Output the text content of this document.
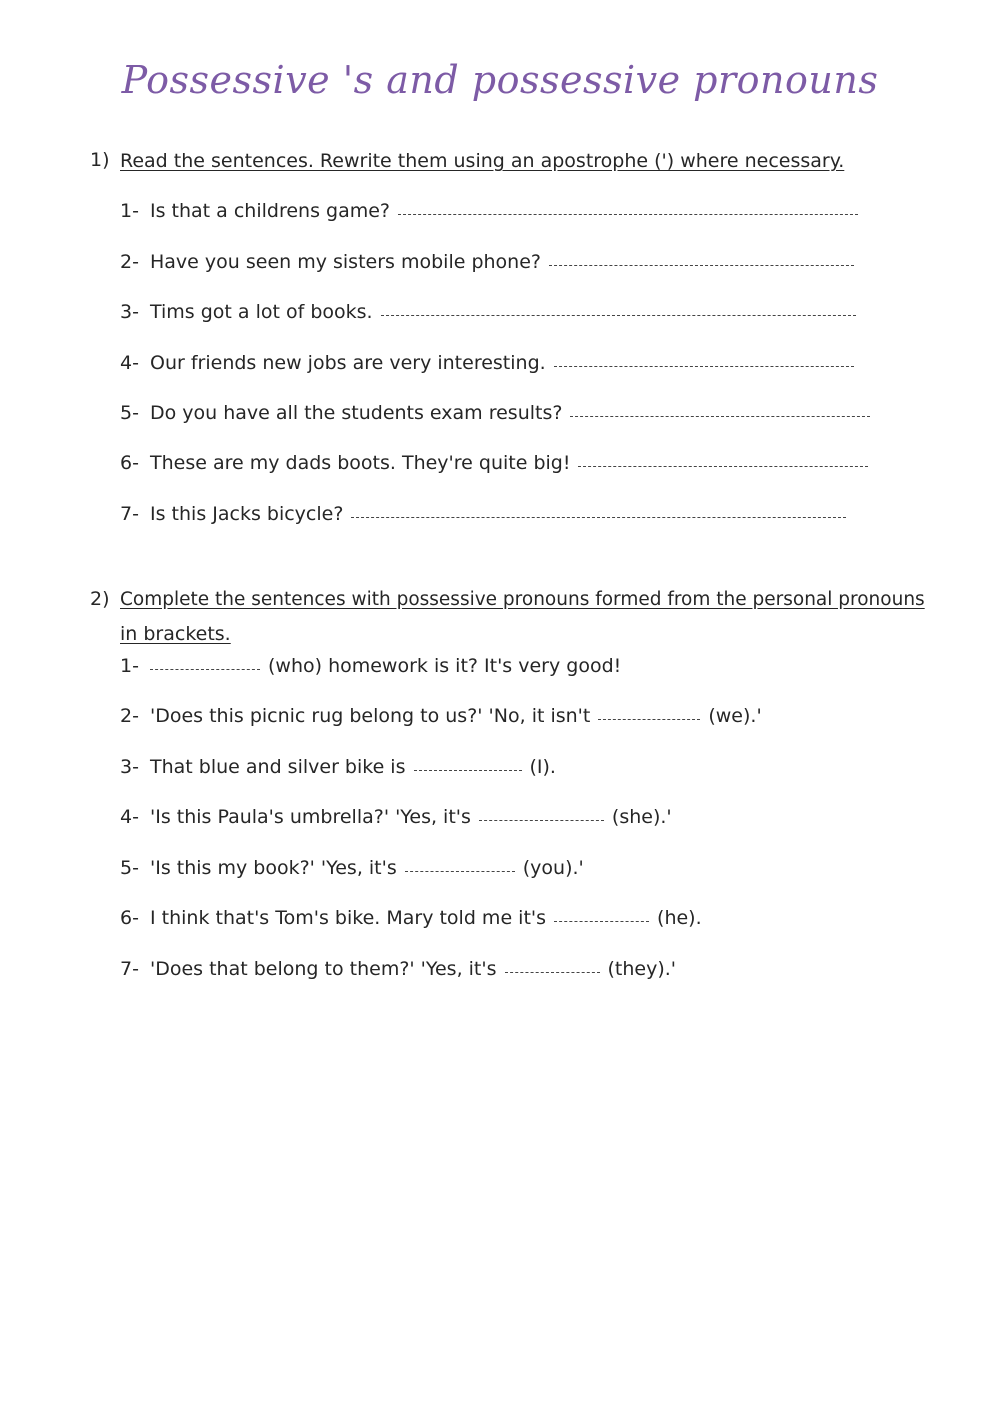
Possessive 's and possessive pronouns
1) Read the sentences. Rewrite them using an apostrophe (') where necessary.
1- Is that a childrens game?
2- Have you seen my sisters mobile phone?
3- Tims got a lot of books.
4- Our friends new jobs are very interesting.
5- Do you have all the students exam results?
6- These are my dads boots. They're quite big!
7- Is this Jacks bicycle?
2) Complete the sentences with possessive pronouns formed from the personal pronouns
in brackets.
1-	(who) homework is it? It's very good!
2- 'Does this picnic rug belong to us?' 'No, it isn't	(we).'
3- That blue and silver bike is	(I).
4- 'Is this Paula's umbrella?' 'Yes, it's	(she).'
5- 'Is this my book?' 'Yes, it's	(you).'
6- I think that's Tom's bike. Mary told me it's	(he).
7- 'Does that belong to them?' 'Yes, it's	(they).'
